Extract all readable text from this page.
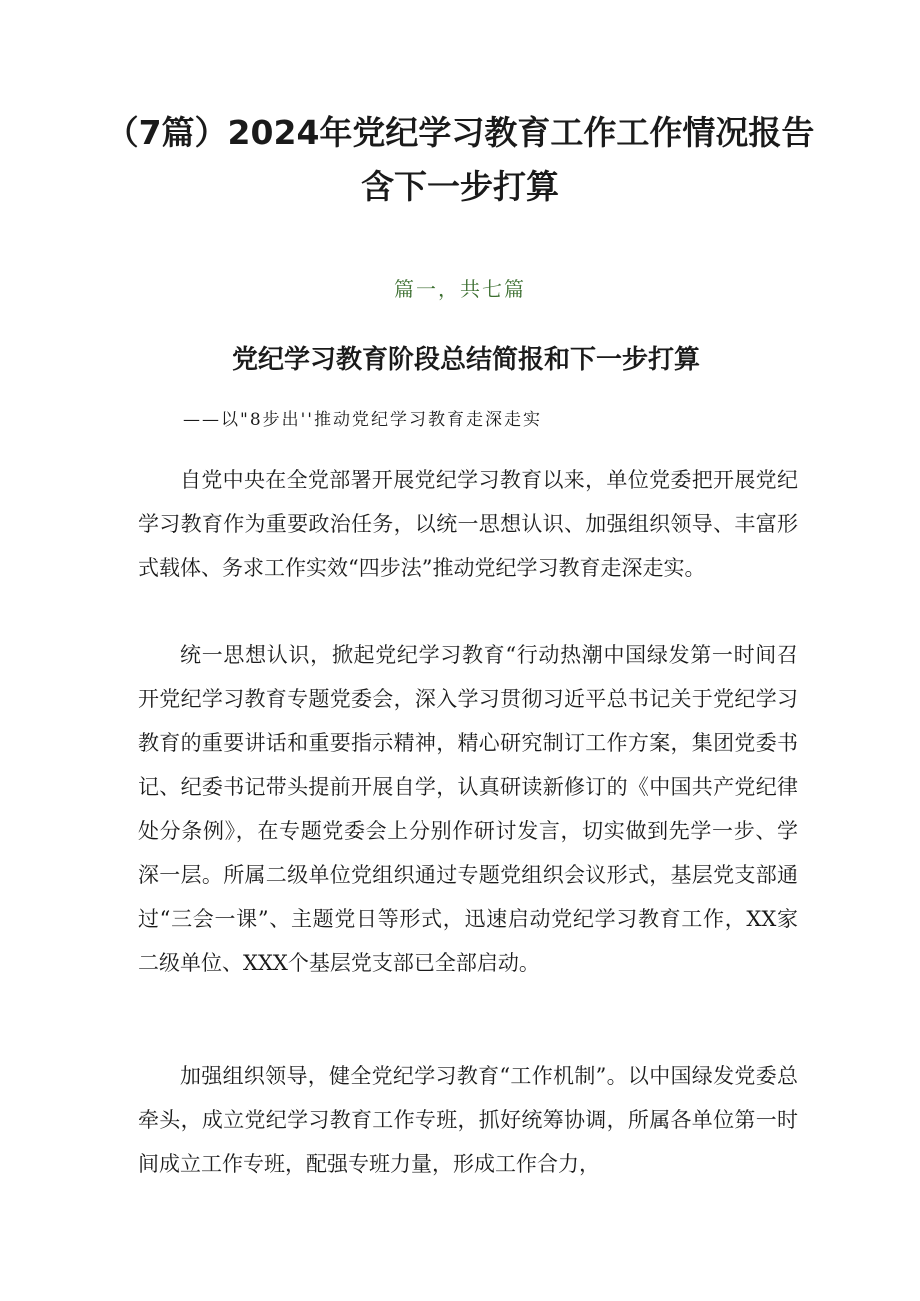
（7篇）2024年党纪学习教育工作工作情况报告含下一步打算
篇一，共七篇
党纪学习教育阶段总结简报和下一步打算
——以"8步出''推动党纪学习教育走深走实

自党中央在全党部署开展党纪学习教育以来，单位党委把开展党纪学习教育作为重要政治任务，以统一思想认识、加强组织领导、丰富形式载体、务求工作实效“四步法”推动党纪学习教育走深走实。

统一思想认识，掀起党纪学习教育“行动热潮中国绿发第一时间召开党纪学习教育专题党委会，深入学习贯彻习近平总书记关于党纪学习教育的重要讲话和重要指示精神，精心研究制订工作方案，集团党委书记、纪委书记带头提前开展自学，认真研读新修订的《中国共产党纪律处分条例》，在专题党委会上分别作研讨发言，切实做到先学一步、学深一层。所属二级单位党组织通过专题党组织会议形式，基层党支部通过“三会一课”、主题党日等形式，迅速启动党纪学习教育工作，XX家二级单位、XXX个基层党支部已全部启动。

加强组织领导，健全党纪学习教育“工作机制”。以中国绿发党委总牵头，成立党纪学习教育工作专班，抓好统筹协调，所属各单位第一时间成立工作专班，配强专班力量，形成工作合力，
